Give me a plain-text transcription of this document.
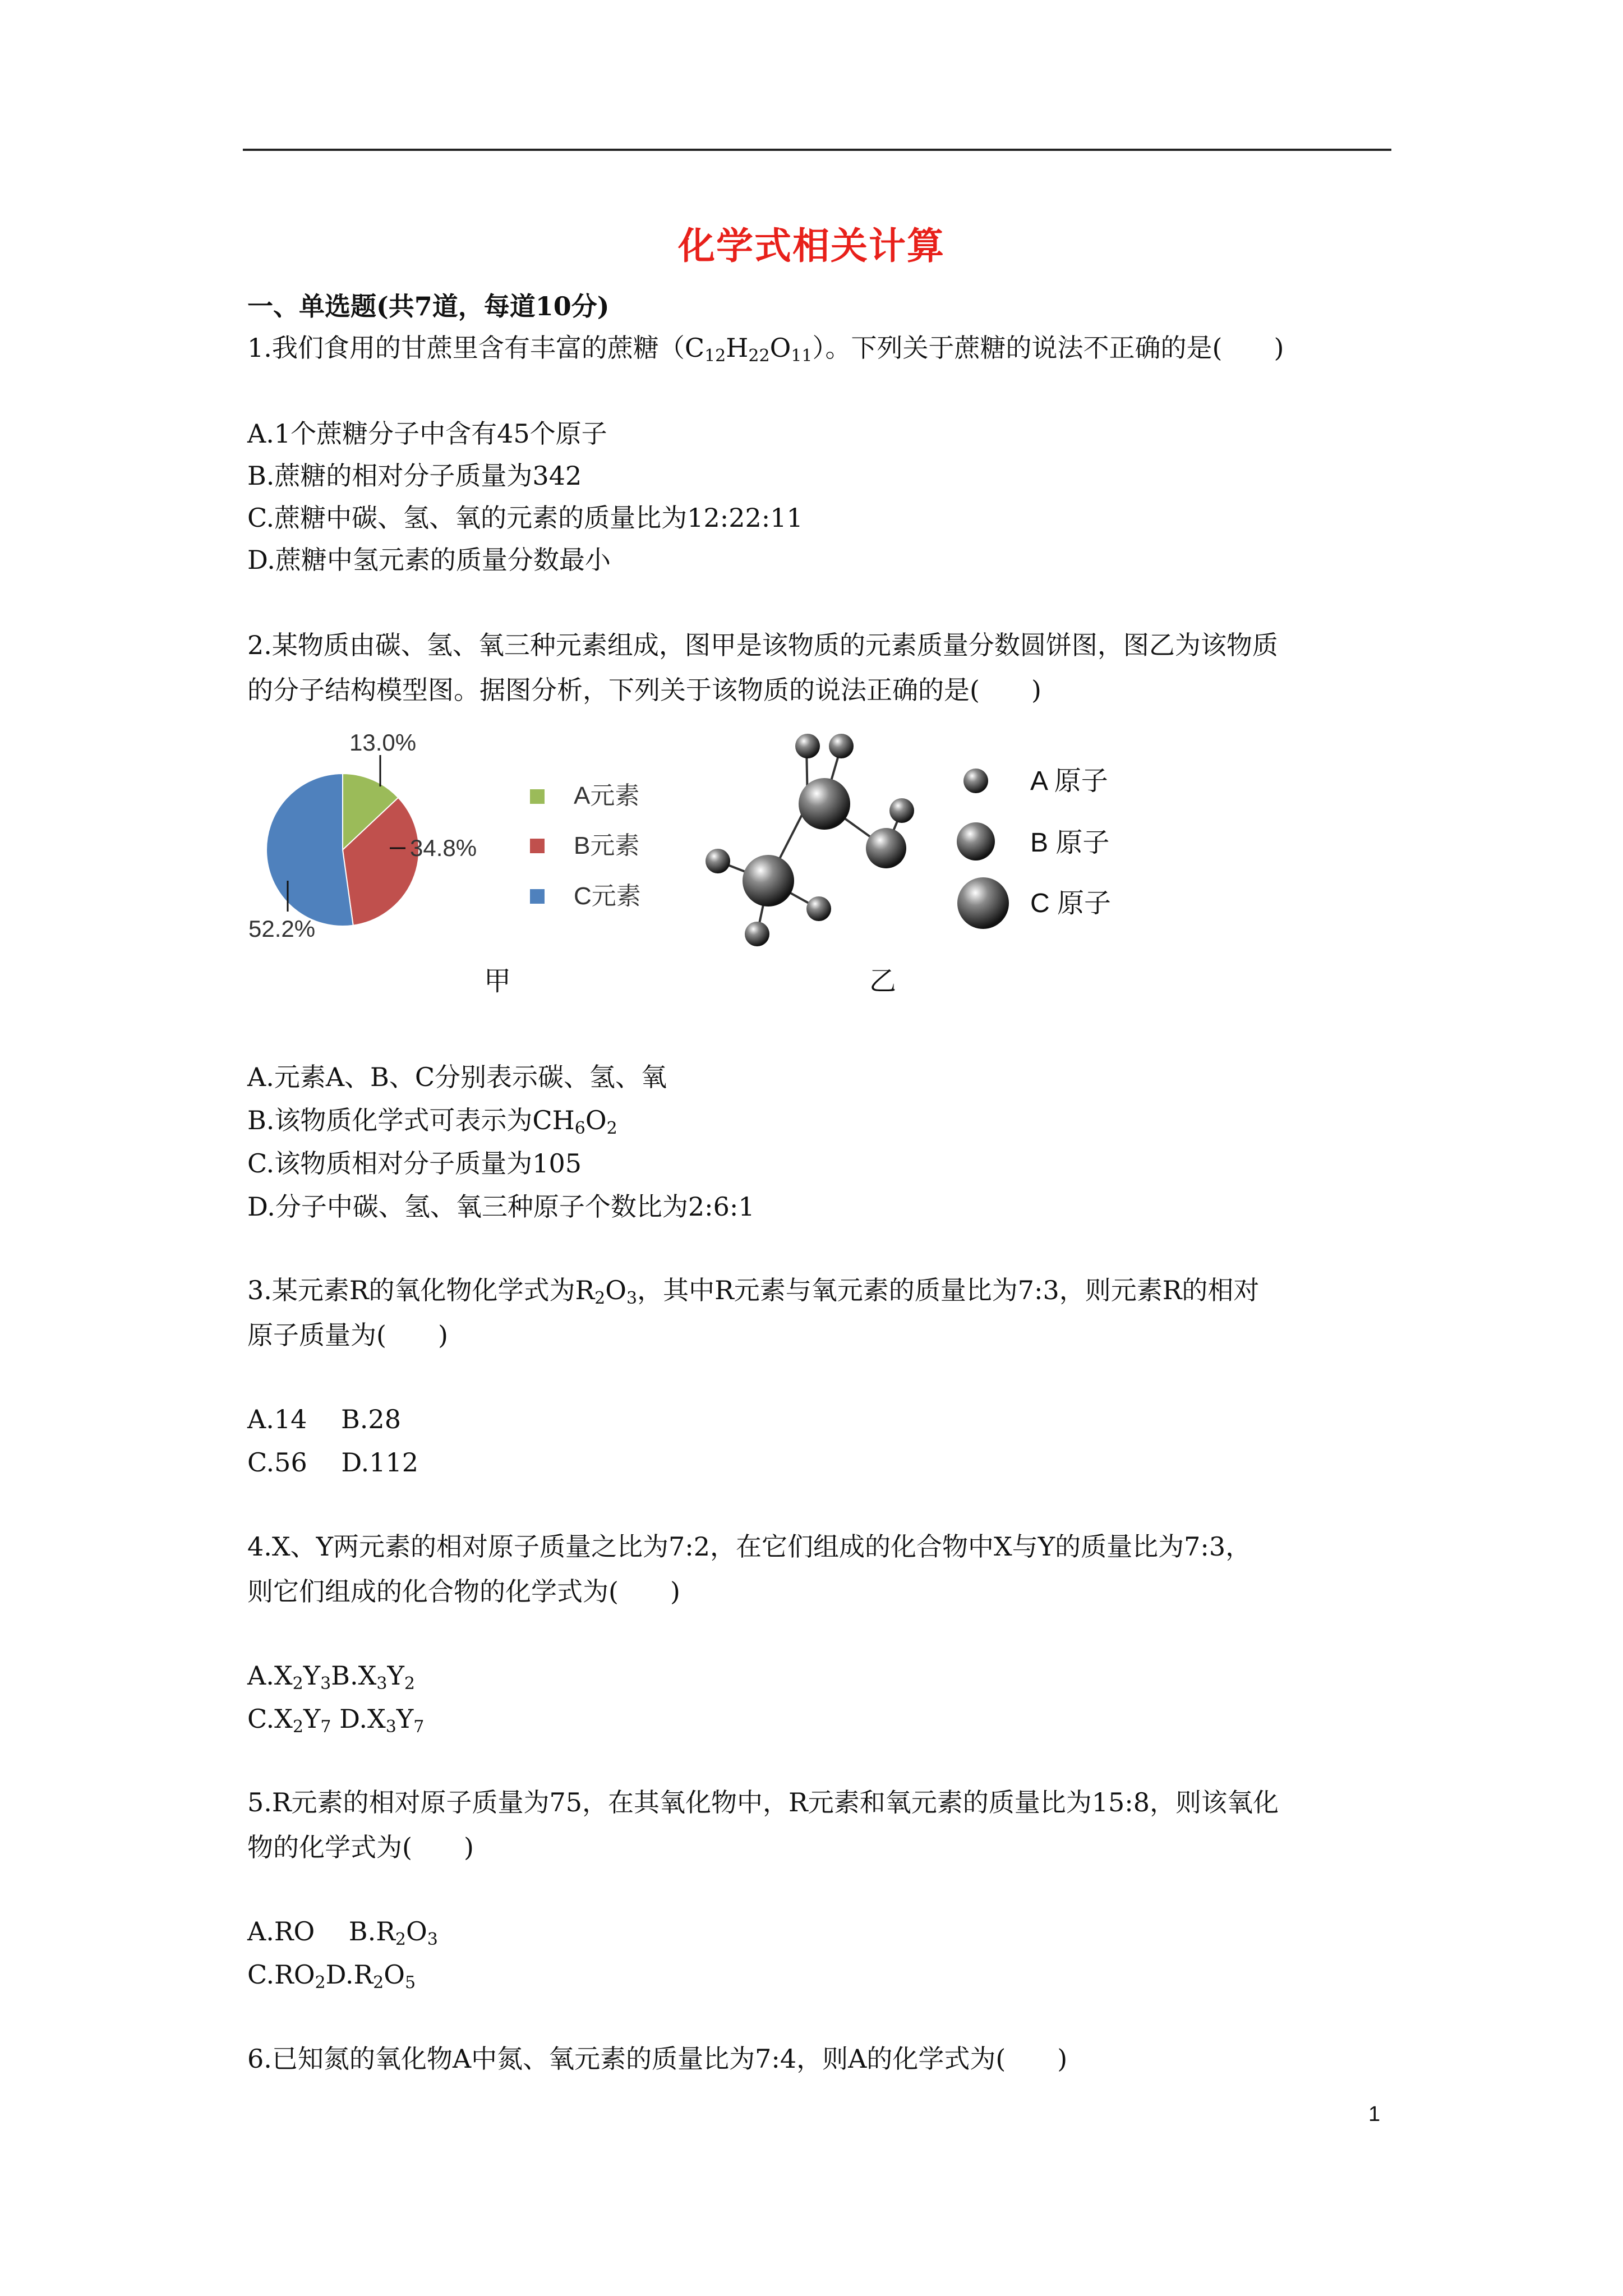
化学式相关计算
一、单选题(共7道，每道10分)
1.我们食用的甘蔗里含有丰富的蔗糖$(C_{12}H_{22}O_{11})$。下列关于蔗糖的说法不正确的是(　　)
A.1个蔗糖分子中含有45个原子
B.蔗糖的相对分子质量为342
C.蔗糖中碳、氢、氧的元素的质量比为12:22:11
D.蔗糖中氢元素的质量分数最小
2.某物质由碳、氢、氧三种元素组成，图甲是该物质的元素质量分数圆饼图，图乙为该物质
的分子结构模型图。据图分析，下列关于该物质的说法正确的是(　　)
13.0%
34.8%
52.2%
A元素
B元素
C元素
甲
A 原子
B 原子
C 原子
乙
A.元素A、B、C分别表示碳、氢、氧
B.该物质化学式可表示为$CH_6O_2$
C.该物质相对分子质量为105
D.分子中碳、氢、氧三种原子个数比为2:6:1
3.某元素R的氧化物化学式为$R_2O_3$，其中R元素与氧元素的质量比为7:3，则元素R的相对
原子质量为(　　)
A.14　 B.28
C.56　 D.112
4.X、Y两元素的相对原子质量之比为7:2，在它们组成的化合物中X与Y的质量比为7:3，
则它们组成的化合物的化学式为(　　)
$A.X_2Y_3B.X_3Y_2$
$C.X_2Y_7$ $D.X_3Y_7$
5.R元素的相对原子质量为75，在其氧化物中，R元素和氧元素的质量比为15:8，则该氧化
物的化学式为(　　)
A.RO　 $B.R_2O_3$
$C.RO_2D.R_2O_5$
6.已知氮的氧化物A中氮、氧元素的质量比为7:4，则A的化学式为(　　)
1
